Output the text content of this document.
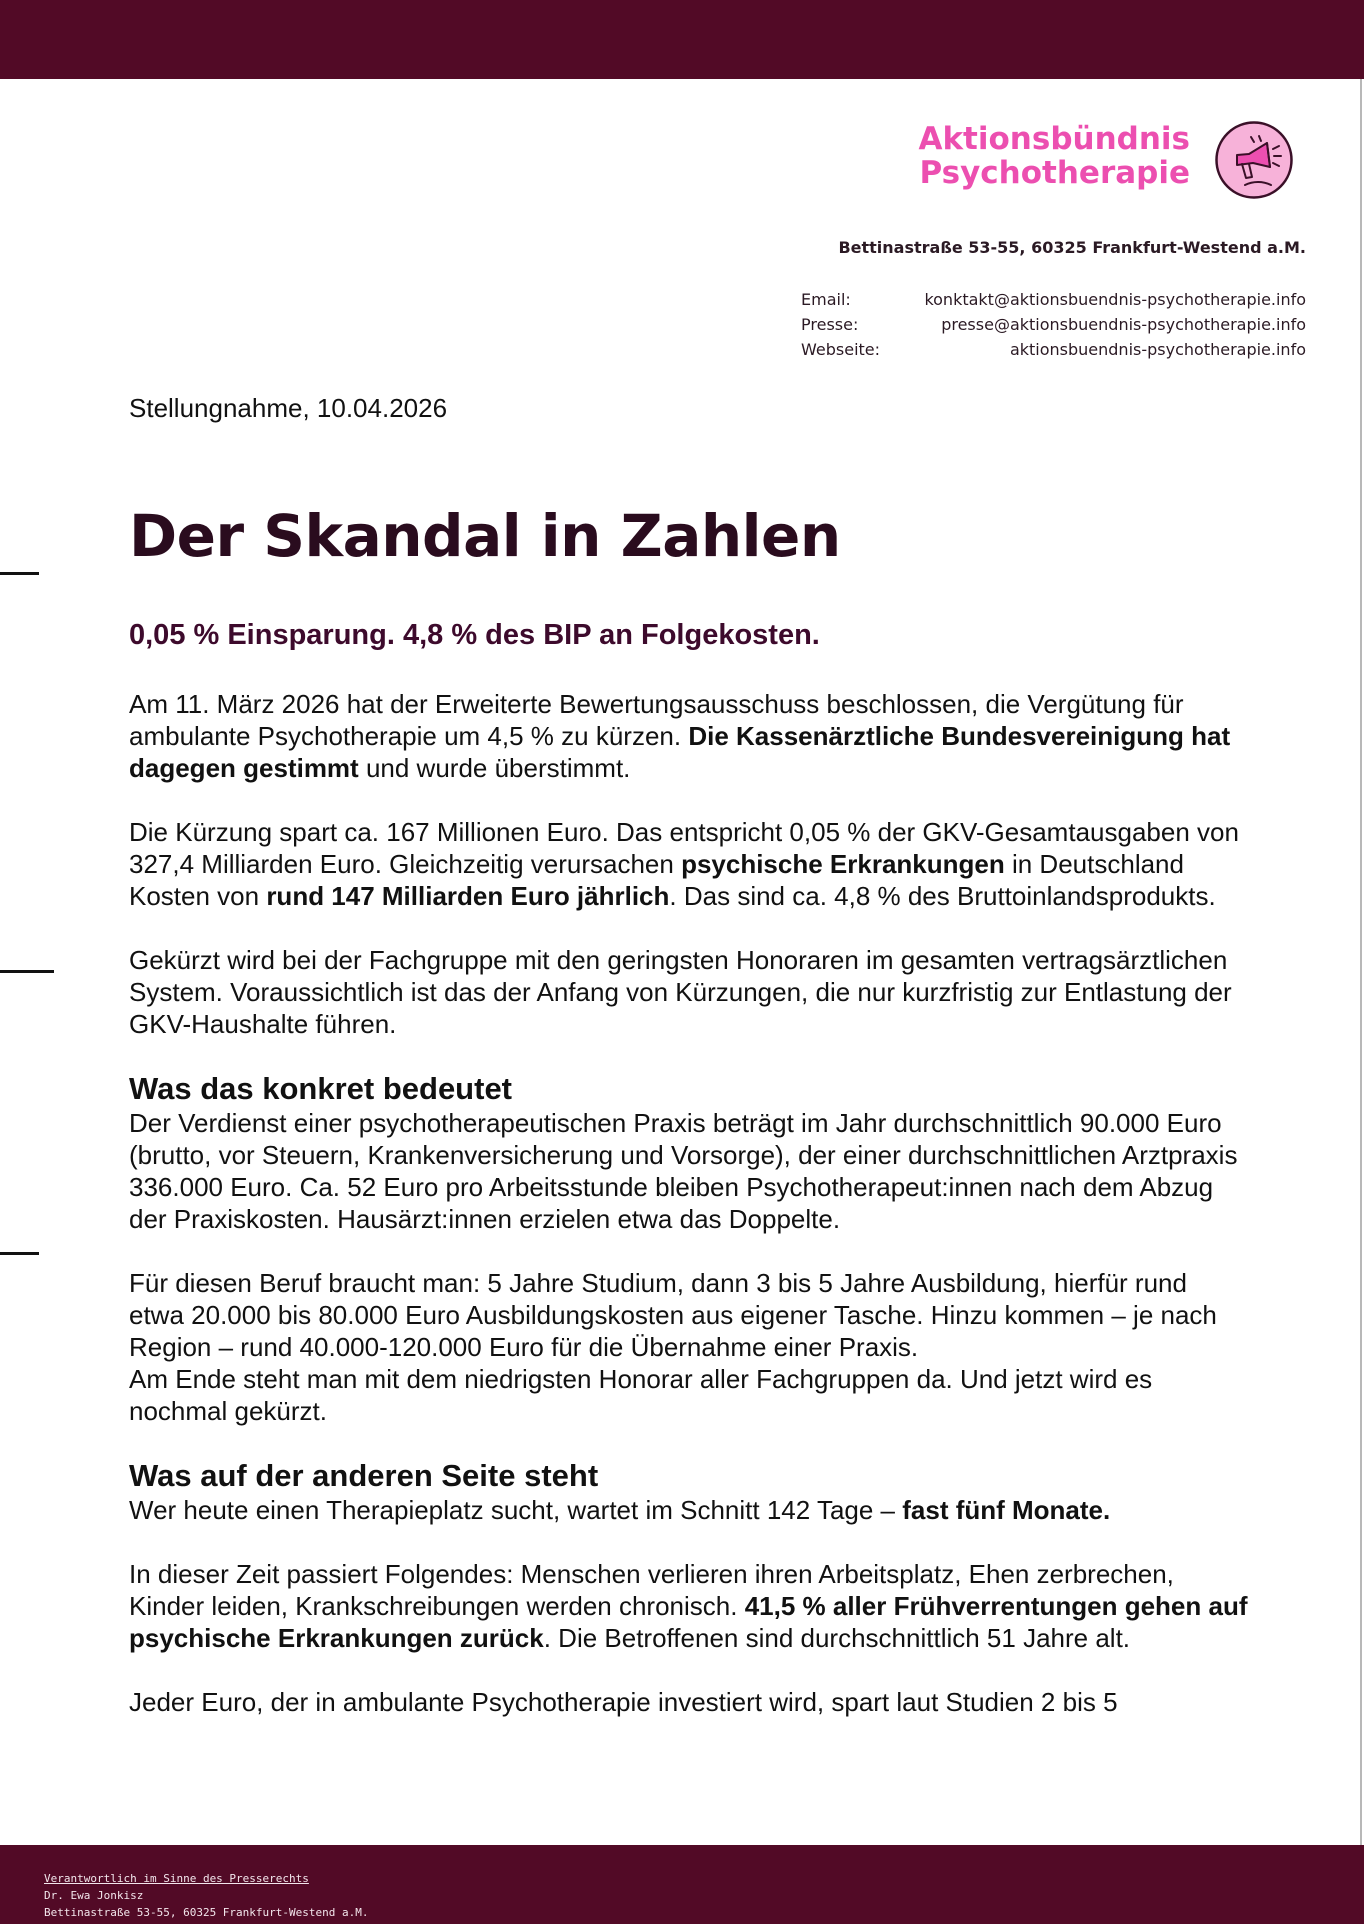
Aktionsbündnis
Psychotherapie
Bettinastraße 53-55, 60325 Frankfurt-Westend a.M.
Email:	konktakt@aktionsbuendnis-psychotherapie.info
Presse:	presse@aktionsbuendnis-psychotherapie.info
Webseite:	aktionsbuendnis-psychotherapie.info

Stellungnahme, 10.04.2026

Der Skandal in Zahlen

0,05 % Einsparung. 4,8 % des BIP an Folgekosten.

Am 11. März 2026 hat der Erweiterte Bewertungsausschuss beschlossen, die Vergütung für ambulante Psychotherapie um 4,5 % zu kürzen. Die Kassenärztliche Bundesvereinigung hat dagegen gestimmt und wurde überstimmt.

Die Kürzung spart ca. 167 Millionen Euro. Das entspricht 0,05 % der GKV-Gesamtausgaben von 327,4 Milliarden Euro. Gleichzeitig verursachen psychische Erkrankungen in Deutschland Kosten von rund 147 Milliarden Euro jährlich. Das sind ca. 4,8 % des Bruttoinlandsprodukts.

Gekürzt wird bei der Fachgruppe mit den geringsten Honoraren im gesamten vertragsärztlichen System. Voraussichtlich ist das der Anfang von Kürzungen, die nur kurzfristig zur Entlastung der GKV-Haushalte führen.

Was das konkret bedeutet

Der Verdienst einer psychotherapeutischen Praxis beträgt im Jahr durchschnittlich 90.000 Euro (brutto, vor Steuern, Krankenversicherung und Vorsorge), der einer durchschnittlichen Arztpraxis 336.000 Euro. Ca. 52 Euro pro Arbeitsstunde bleiben Psychotherapeut:innen nach dem Abzug der Praxiskosten. Hausärzt:innen erzielen etwa das Doppelte.

Für diesen Beruf braucht man: 5 Jahre Studium, dann 3 bis 5 Jahre Ausbildung, hierfür rund etwa 20.000 bis 80.000 Euro Ausbildungskosten aus eigener Tasche. Hinzu kommen – je nach Region – rund 40.000-120.000 Euro für die Übernahme einer Praxis.
Am Ende steht man mit dem niedrigsten Honorar aller Fachgruppen da. Und jetzt wird es nochmal gekürzt.

Was auf der anderen Seite steht

Wer heute einen Therapieplatz sucht, wartet im Schnitt 142 Tage – fast fünf Monate.

In dieser Zeit passiert Folgendes: Menschen verlieren ihren Arbeitsplatz, Ehen zerbrechen, Kinder leiden, Krankschreibungen werden chronisch. 41,5 % aller Frühverrentungen gehen auf psychische Erkrankungen zurück. Die Betroffenen sind durchschnittlich 51 Jahre alt.

Jeder Euro, der in ambulante Psychotherapie investiert wird, spart laut Studien 2 bis 5

Verantwortlich im Sinne des Presserechts
Dr. Ewa Jonkisz
Bettinastraße 53-55, 60325 Frankfurt-Westend a.M.
